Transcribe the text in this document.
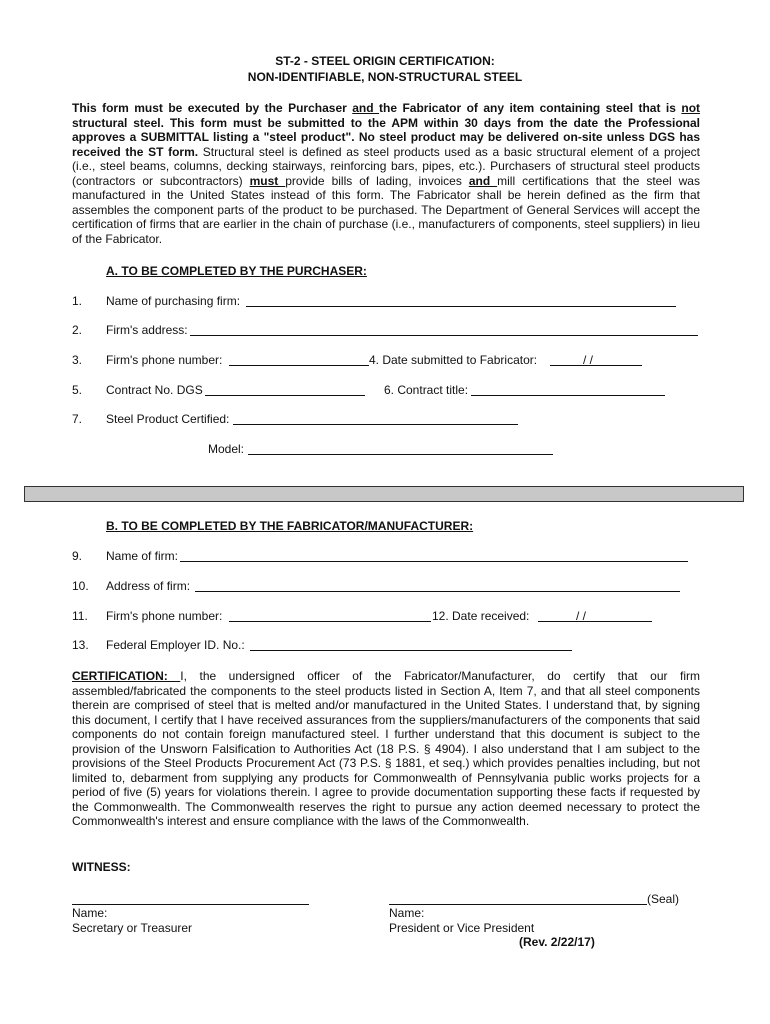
ST-2 - STEEL ORIGIN CERTIFICATION:
NON-IDENTIFIABLE, NON-STRUCTURAL STEEL
This form must be executed by the Purchaser and the Fabricator of any item containing steel that is not structural steel. This form must be submitted to the APM within 30 days from the date the Professional approves a SUBMITTAL listing a "steel product". No steel product may be delivered on-site unless DGS has received the ST form. Structural steel is defined as steel products used as a basic structural element of a project (i.e., steel beams, columns, decking stairways, reinforcing bars, pipes, etc.). Purchasers of structural steel products (contractors or subcontractors) must provide bills of lading, invoices and mill certifications that the steel was manufactured in the United States instead of this form. The Fabricator shall be herein defined as the firm that assembles the component parts of the product to be purchased. The Department of General Services will accept the certification of firms that are earlier in the chain of purchase (i.e., manufacturers of components, steel suppliers) in lieu of the Fabricator.
A. TO BE COMPLETED BY THE PURCHASER:
1. Name of purchasing firm:
2. Firm's address:
3. Firm's phone number:	4. Date submitted to Fabricator:	/ /
5. Contract No. DGS	6. Contract title:
7. Steel Product Certified:
Model:
B. TO BE COMPLETED BY THE FABRICATOR/MANUFACTURER:
9. Name of firm:
10. Address of firm:
11. Firm's phone number:	12. Date received:	/ /
13. Federal Employer ID. No.:
CERTIFICATION: I, the undersigned officer of the Fabricator/Manufacturer, do certify that our firm assembled/fabricated the components to the steel products listed in Section A, Item 7, and that all steel components therein are comprised of steel that is melted and/or manufactured in the United States. I understand that, by signing this document, I certify that I have received assurances from the suppliers/manufacturers of the components that said components do not contain foreign manufactured steel. I further understand that this document is subject to the provision of the Unsworn Falsification to Authorities Act (18 P.S. § 4904). I also understand that I am subject to the provisions of the Steel Products Procurement Act (73 P.S. § 1881, et seq.) which provides penalties including, but not limited to, debarment from supplying any products for Commonwealth of Pennsylvania public works projects for a period of five (5) years for violations therein. I agree to provide documentation supporting these facts if requested by the Commonwealth. The Commonwealth reserves the right to pursue any action deemed necessary to protect the Commonwealth's interest and ensure compliance with the laws of the Commonwealth.
WITNESS:
Name:
Secretary or Treasurer
(Seal)
Name:
President or Vice President
(Rev. 2/22/17)
